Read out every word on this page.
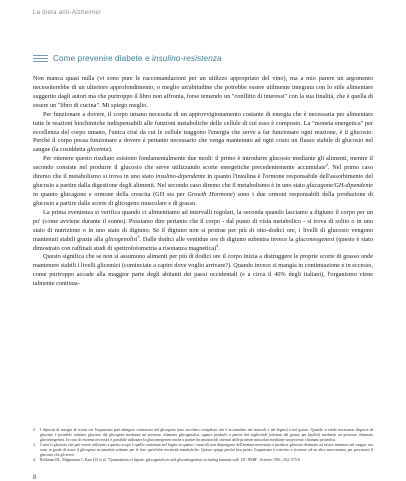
La dieta anti-Alzheimer
Come prevenire diabete e insulino-resistenza

Non manca quasi nulla (vi sono pure le raccomandazioni per un utilizzo appropriato del vino), ma a mio parere un argomento necessiterebbe di un ulteriore approfondimento, o meglio un'abitudine che potrebbe essere utilmente integrata con lo stile alimentare suggerito dagli autori ma che purtroppo il libro non affronta, forse temendo un "conflitto di interessi" con la sua finalità, che è quella di essere un "libro di cucina". Mi spiego meglio.

Per funzionare a dovere, il corpo umano necessita di un approvvigionamento costante di energia che è necessaria per alimentare tutte le reazioni biochimiche indispensabili alle funzioni metaboliche delle cellule di cui esso è composto. La "moneta energetica" per eccellenza del corpo umano, l'unica cioè da cui le cellule traggono l'energia che serve a far funzionare ogni reazione, è il glucosio. Perché il corpo possa funzionare a dovere è pertanto necessario che venga mantenuto ad ogni costo un flusso stabile di glucosio nel sangue (la cosiddetta glicemia).

Per ottenere questo risultato esistono fondamentalmente due modi: il primo è introdurre glucosio mediante gli alimenti, mentre il secondo consiste nel produrre il glucosio che serve utilizzando scorte energetiche precedentemente accumulate$^2$. Nel primo caso diremo che il metabolismo si trova in uno stato insulino-dipendente in quanto l'insulina è l'ormone responsabile dell'assorbimento del glucosio a partire dalla digestione degli alimenti. Nel secondo caso diremo che il metabolismo è in uno stato glucagone/GH-dipendente in quanto glucagone e ormone della crescita (GH sta per Growth Hormone) sono i due ormoni responsabili della produzione di glucosio a partire dalle scorte di glicogeno muscolare e di grasso.

La prima evenienza si verifica quando ci alimentiamo ad intervalli regolari, la seconda quando lasciamo a digiuno il corpo per un po' (come avviene durante il sonno). Possiamo dire pertanto che il corpo - dal punto di vista metabolico - si trova di solito o in uno stato di nutrizione o in uno stato di digiuno. Se il digiuno non si protrae per più di otto-dodici ore, i livelli di glucosio vengono mantenuti stabili grazie alla glicogenolisi$^3$. Dalle dodici alle ventidue ore di digiuno subentra invece la gluconeogenesi (questo è stato dimostrato con raffinati studi di spettrofotometria a risonanza magnetica)$^4$.

Questo significa che se non si assumono alimenti per più di dodici ore il corpo inizia a distruggere le proprie scorte di grasso onde mantenere stabili i livelli glicemici (cominciate a capire dove voglio arrivare?). Quando invece si mangia in continuazione e in eccesso, come purtroppo accade alla maggior parte degli abitanti dei paesi occidentali (e a circa il 40% degli italiani), l'organismo viene talmente continua-

2	I depositi di energia di scorta cui l'organismo può attingere consistono nel glicogeno (uno zucchero complesso che è accumulato nei muscoli e nel fegato) e nel grasso. Quando si rende necessario disporre di glucosio è possibile ottenere glucosio dal glicogeno mediante un processo chiamato glicogenolisi, oppure produrlo a partire dai trigliceridi (ottenuti dal grasso per lipolisi) mediante un processo chiamato gluconeogenesi. In caso di estrema necessità è possibile utilizzare la gluconeogenesi anche a partire da aminoacidi ottenuti dalle proteine muscolari mediante un processo chiamato proteolisi.
3	Come il glucosio che può essere utilizzato a questo scopo è quello contenuto nel fegato in quanto i muscoli non dispongono dell'enzima necessario a produrre glucosio destinato ad essere immesso nel sangue, ma sono in grado di usare il glicogeno accumulato soltanto per le loro specifiche necessità metaboliche. Questo spiega perché ben presto l'organismo è costretto a ricorrere ad un altro meccanismo per procurarsi il glucosio che gli serve.
4	Rothman DL, Magnusson I, Katz LD et al. "Quantitation of hepatic glycogenolysis and gluconeogenesis in fasting humans with 13C NMR". Science 1991; 254: 573-6
8
